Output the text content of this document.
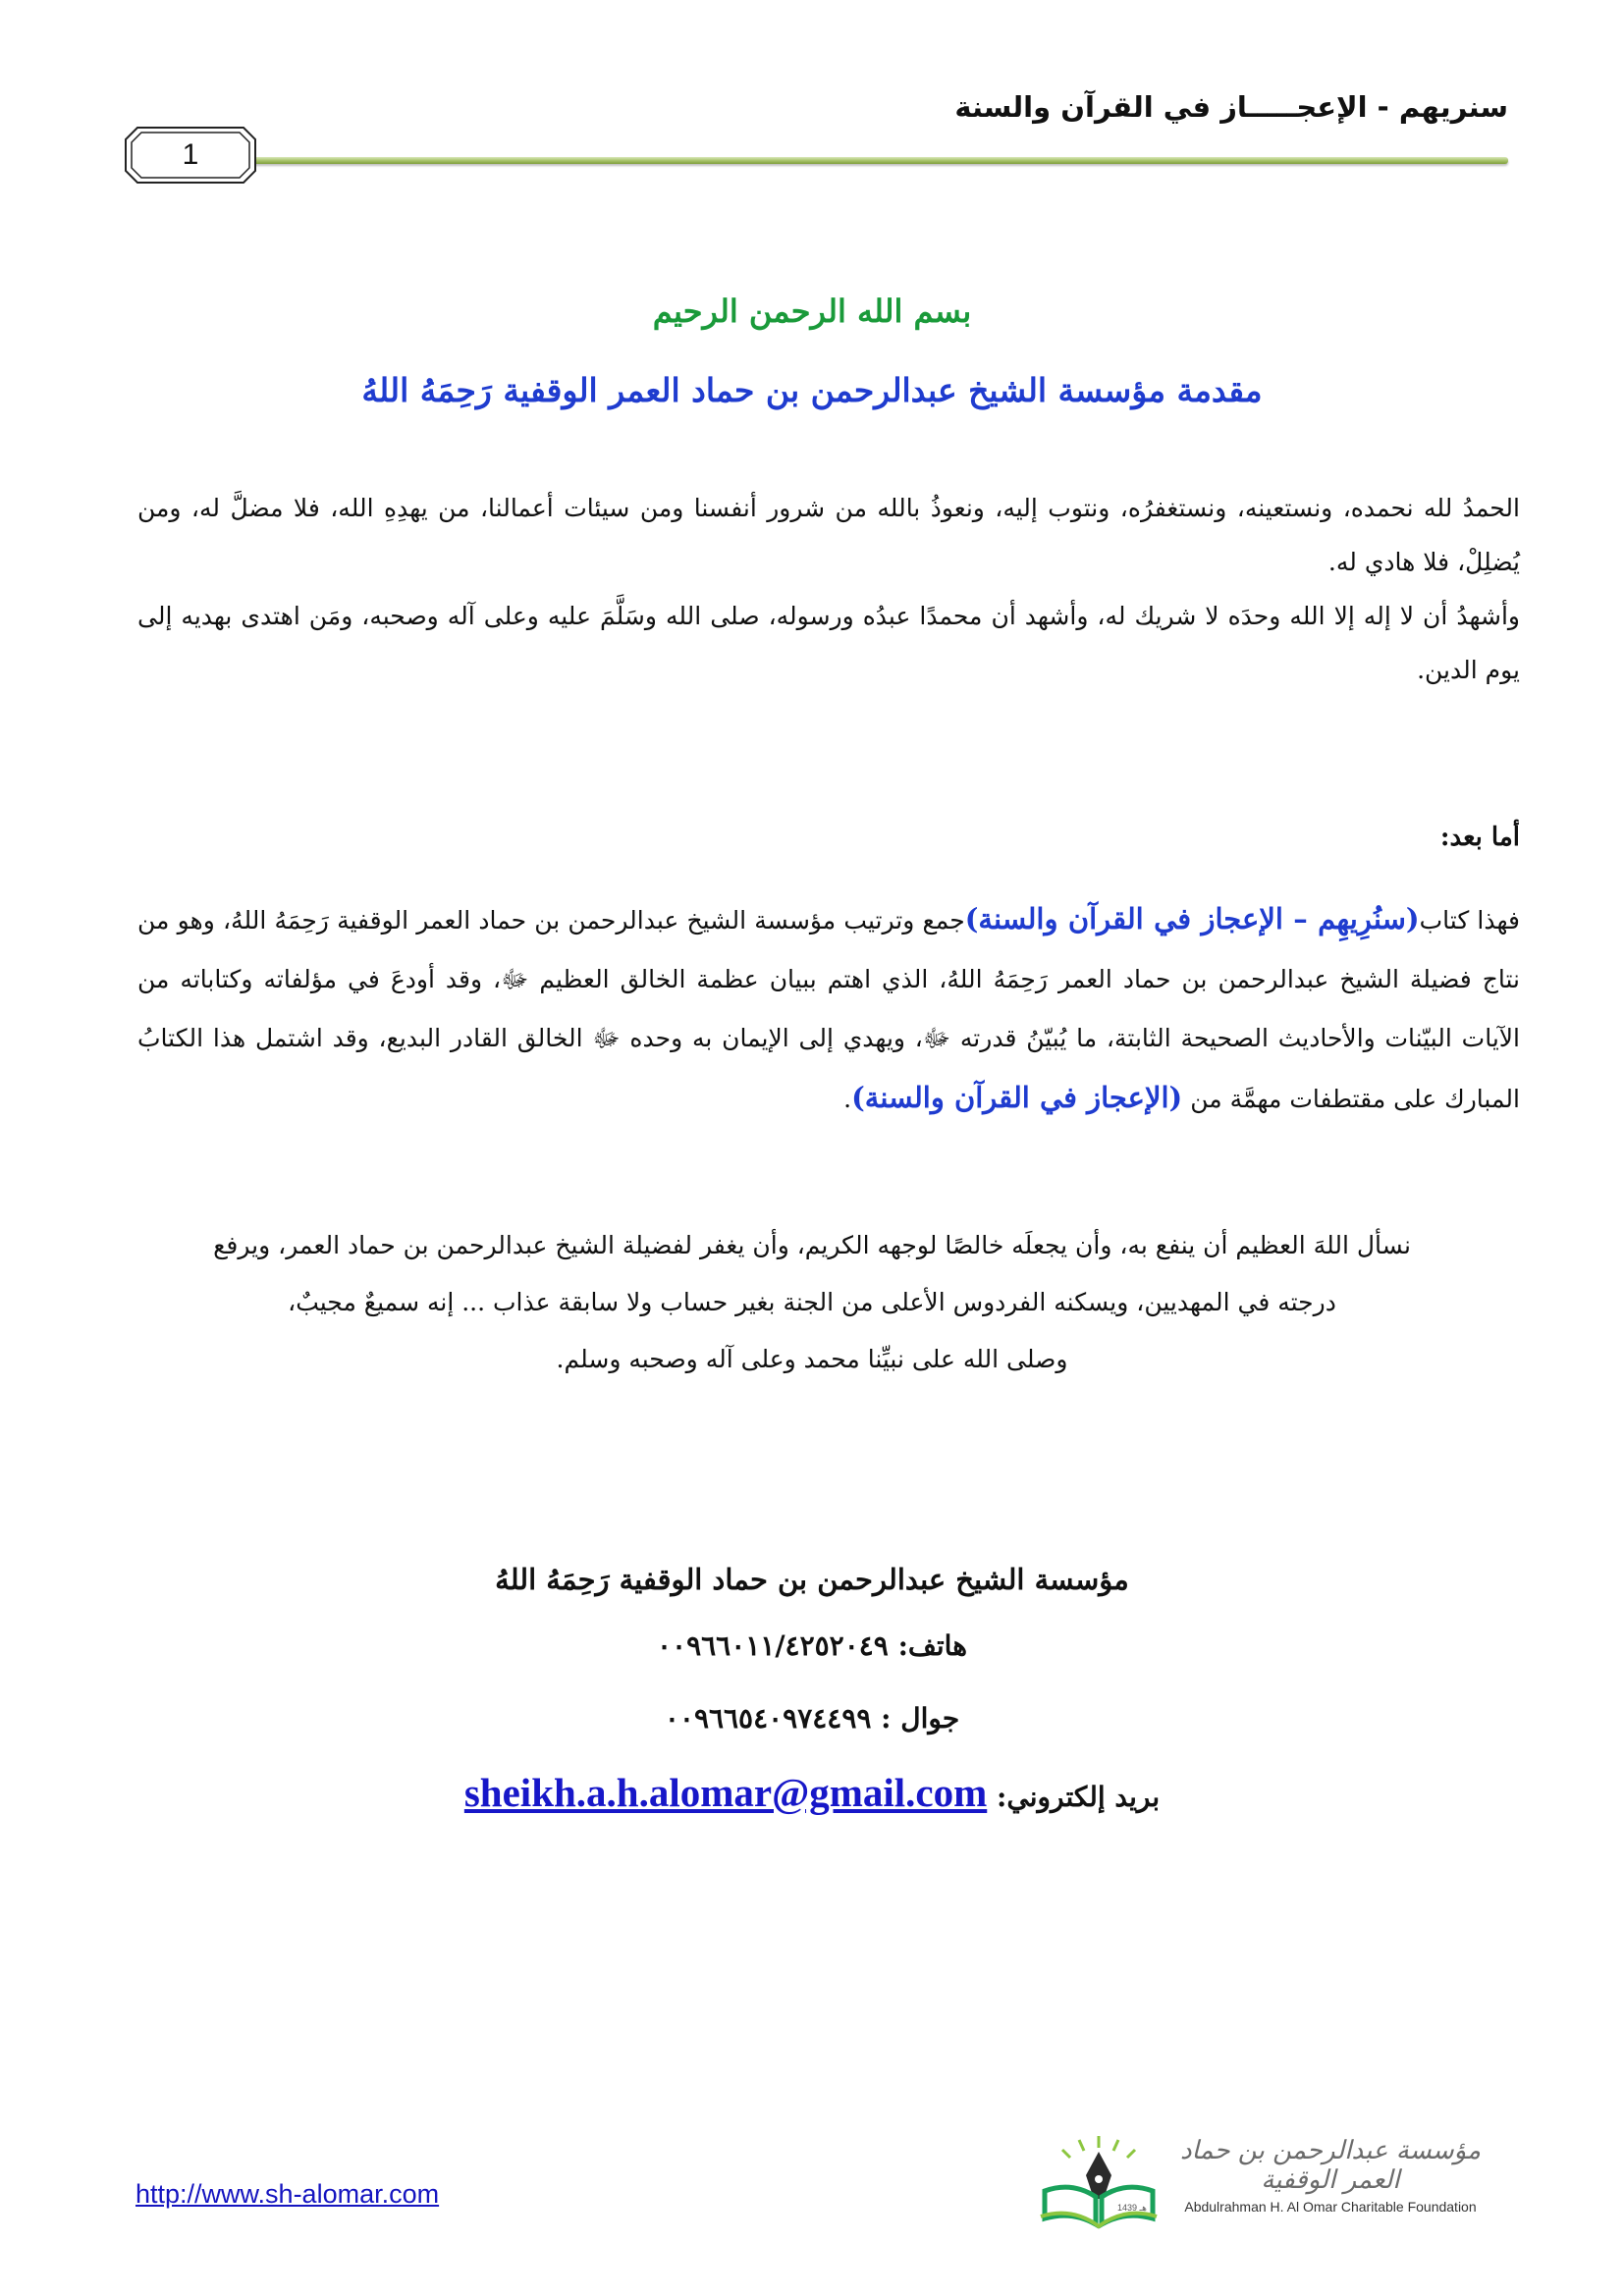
سنريهم - الإعجـــــاز في القرآن والسنة
1
بسم الله الرحمن الرحيم
مقدمة مؤسسة الشيخ عبدالرحمن بن حماد العمر الوقفية رَحِمَهُ اللهُ
الحمدُ لله نحمده، ونستعينه، ونستغفرُه، ونتوب إليه، ونعوذُ بالله من شرور أنفسنا ومن سيئات أعمالنا، من يهدِهِ الله، فلا مضلَّ له، ومن يُضلِلْ، فلا هادي له.
وأشهدُ أن لا إله إلا الله وحدَه لا شريك له، وأشهد أن محمدًا عبدُه ورسوله، صلى الله وسَلَّمَ عليه وعلى آله وصحبه، ومَن اهتدى بهديه إلى يوم الدين.
أما بعد:
فهذا كتاب(سنُرِيهِم – الإعجاز في القرآن والسنة)جمع وترتيب مؤسسة الشيخ عبدالرحمن بن حماد العمر الوقفية رَحِمَهُ اللهُ، وهو من نتاج فضيلة الشيخ عبدالرحمن بن حماد العمر رَحِمَهُ اللهُ، الذي اهتم ببيان عظمة الخالق العظيم ﷻ، وقد أودعَ في مؤلفاته وكتاباته من الآيات البيّنات والأحاديث الصحيحة الثابتة، ما يُبيّنُ قدرته ﷻ، ويهدي إلى الإيمان به وحده ﷻ الخالق القادر البديع، وقد اشتمل هذا الكتابُ المبارك على مقتطفات مهمَّة من (الإعجاز في القرآن والسنة).
نسأل اللهَ العظيم أن ينفع به، وأن يجعلَه خالصًا لوجهه الكريم، وأن يغفر لفضيلة الشيخ عبدالرحمن بن حماد العمر، ويرفع
درجته في المهديين، ويسكنه الفردوس الأعلى من الجنة بغير حساب ولا سابقة عذاب ... إنه سميعٌ مجيبٌ،
وصلى الله على نبيِّنا محمد وعلى آله وصحبه وسلم.
مؤسسة الشيخ عبدالرحمن بن حماد الوقفية رَحِمَهُ اللهُ
هاتف: ٠٠٩٦٦٠١١/٤٢٥٢٠٤٩
جوال : ٠٠٩٦٦٥٤٠٩٧٤٤٩٩
بريد إلكتروني: sheikh.a.h.alomar@gmail.com
http://www.sh-alomar.com	1439 هـ
مؤسسة عبدالرحمن بن حماد العمر الوقفية
Abdulrahman H. Al Omar Charitable Foundation
